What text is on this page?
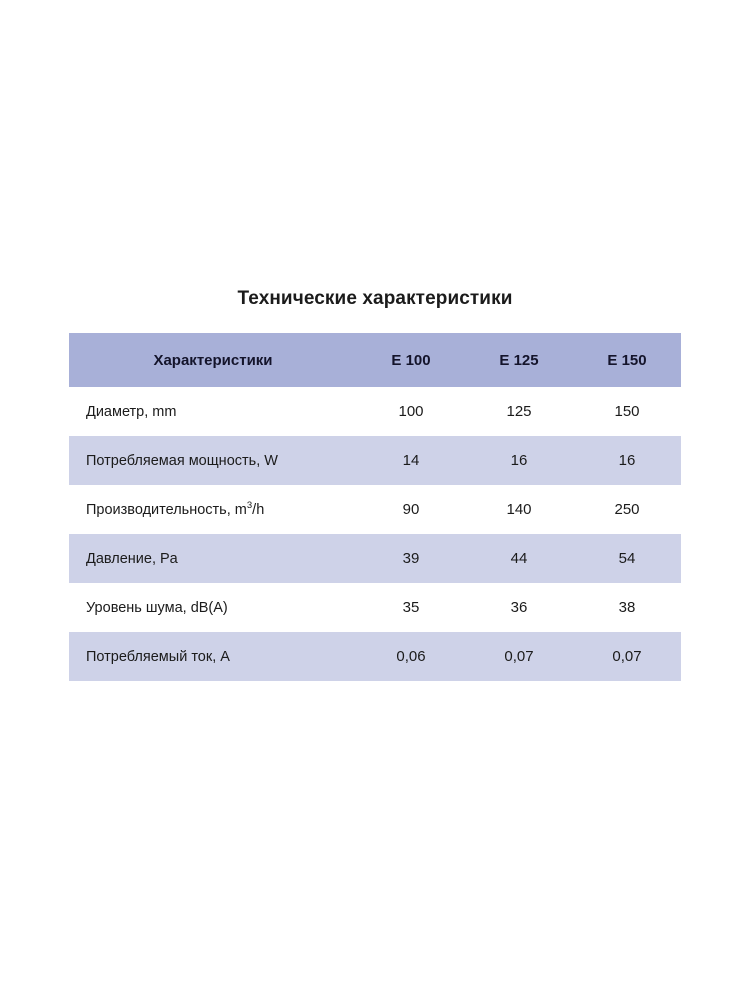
Технические характеристики
Характеристики	E 100	E 125	E 150
Диаметр, mm	100	125	150
Потребляемая мощность, W	14	16	16
Производительность, $m^3/h$	90	140	250
Давление, Pa	39	44	54
Уровень шума, dB(A)	35	36	38
Потребляемый ток, A	0,06	0,07	0,07
